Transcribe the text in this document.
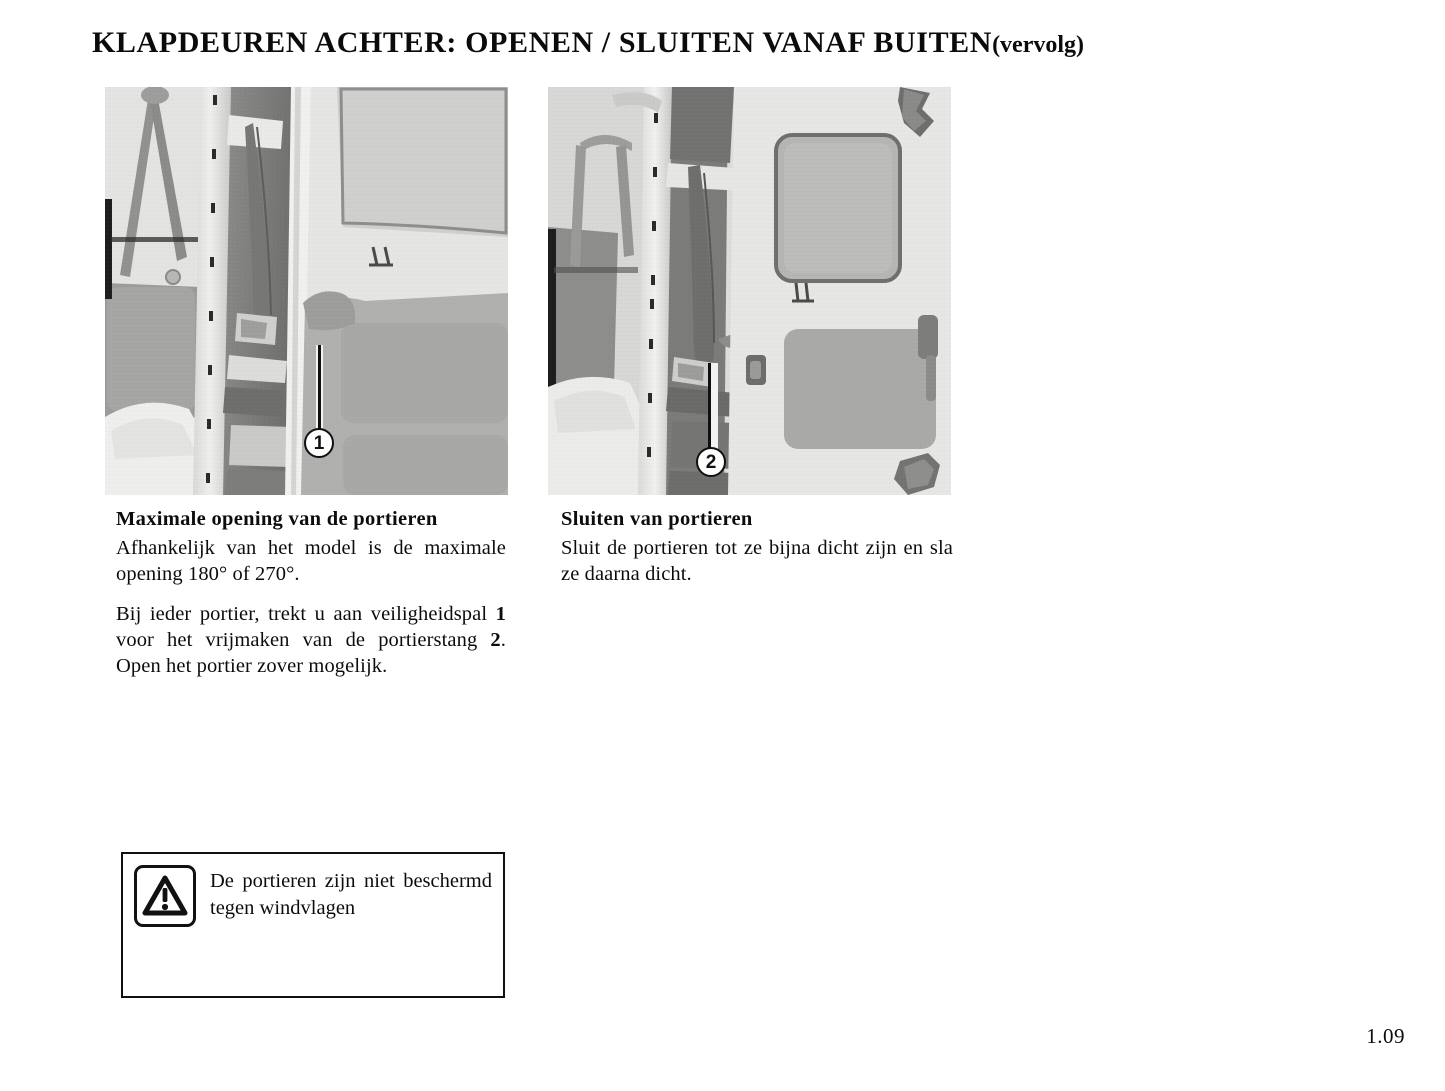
KLAPDEUREN ACHTER: OPENEN / SLUITEN VANAF BUITEN(vervolg)
1
2

Maximale opening van de portieren

Afhankelijk van het model is de maximale opening 180° of 270°.

Bij ieder portier, trekt u aan veiligheidspal 1 voor het vrijmaken van de portierstang 2. Open het portier zover mogelijk.

Sluiten van portieren

Sluit de portieren tot ze bijna dicht zijn en sla ze daarna dicht.

De portieren zijn niet beschermd tegen windvlagen
1.09
